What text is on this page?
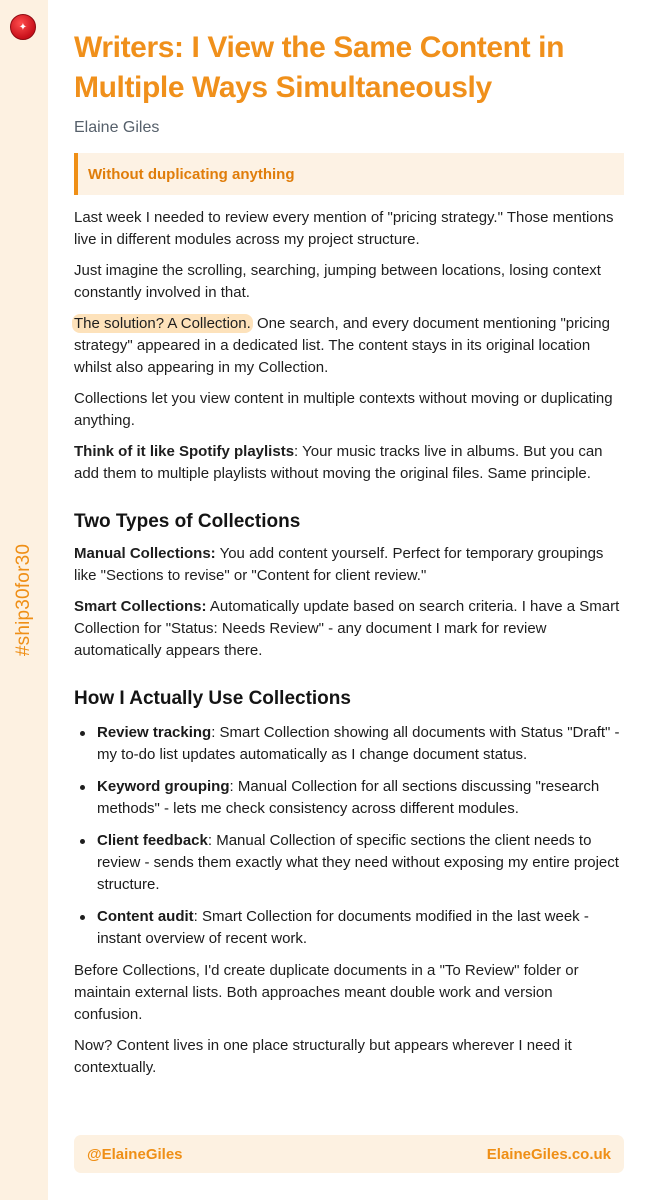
✦
#ship30for30
Writers: I View the Same Content in Multiple Ways Simultaneously
Elaine Giles
Without duplicating anything

Last week I needed to review every mention of "pricing strategy." Those mentions live in different modules across my project structure.

Just imagine the scrolling, searching, jumping between locations, losing context constantly involved in that.

The solution? A Collection. One search, and every document mentioning "pricing strategy" appeared in a dedicated list. The content stays in its original location whilst also appearing in my Collection.

Collections let you view content in multiple contexts without moving or duplicating anything.

Think of it like Spotify playlists: Your music tracks live in albums. But you can add them to multiple playlists without moving the original files. Same principle.

Two Types of Collections

Manual Collections: You add content yourself. Perfect for temporary groupings like "Sections to revise" or "Content for client review."

Smart Collections: Automatically update based on search criteria. I have a Smart Collection for "Status: Needs Review" - any document I mark for review automatically appears there.

How I Actually Use Collections
Review tracking: Smart Collection showing all documents with Status "Draft" - my to-do list updates automatically as I change document status.
Keyword grouping: Manual Collection for all sections discussing "research methods" - lets me check consistency across different modules.
Client feedback: Manual Collection of specific sections the client needs to review - sends them exactly what they need without exposing my entire project structure.
Content audit: Smart Collection for documents modified in the last week - instant overview of recent work.

Before Collections, I'd create duplicate documents in a "To Review" folder or maintain external lists. Both approaches meant double work and version confusion.

Now? Content lives in one place structurally but appears wherever I need it contextually.

@ElaineGiles	ElaineGiles.co.uk
